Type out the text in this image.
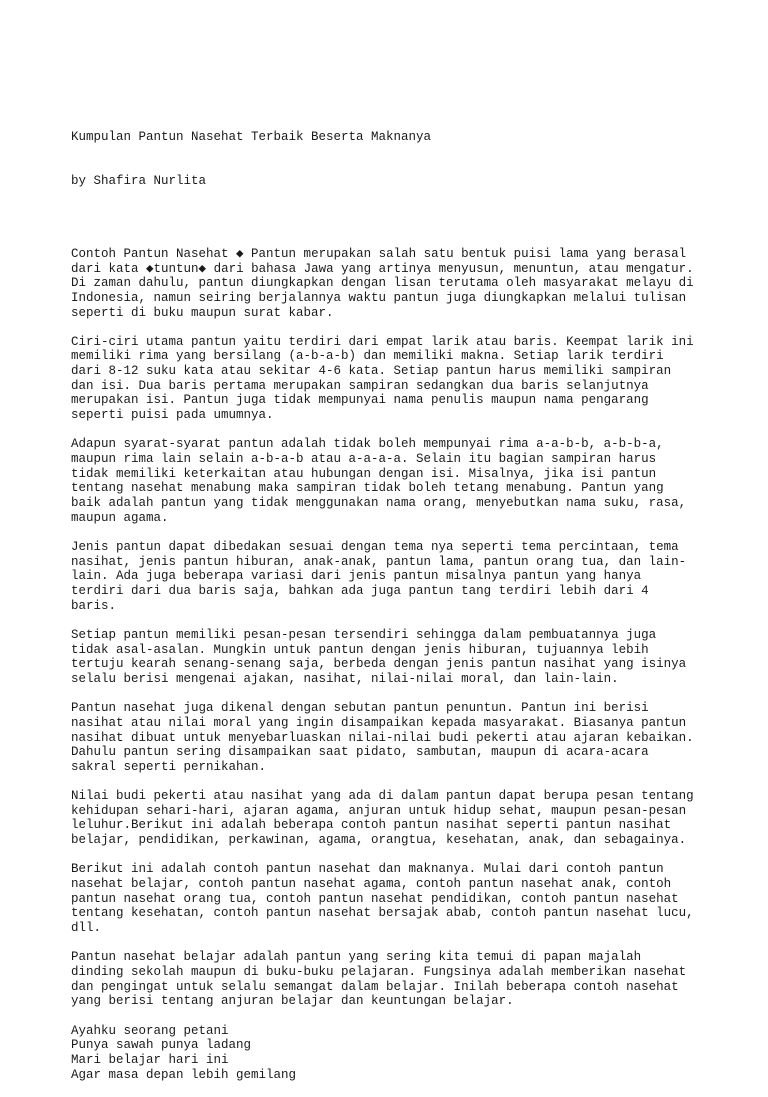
Kumpulan Pantun Nasehat Terbaik Beserta Maknanya

by Shafira Nurlita

Contoh Pantun Nasehat ◆ Pantun merupakan salah satu bentuk puisi lama yang berasal
dari kata ◆tuntun◆ dari bahasa Jawa yang artinya menyusun, menuntun, atau mengatur.
Di zaman dahulu, pantun diungkapkan dengan lisan terutama oleh masyarakat melayu di
Indonesia, namun seiring berjalannya waktu pantun juga diungkapkan melalui tulisan
seperti di buku maupun surat kabar.
Ciri-ciri utama pantun yaitu terdiri dari empat larik atau baris. Keempat larik ini
memiliki rima yang bersilang (a-b-a-b) dan memiliki makna. Setiap larik terdiri
dari 8-12 suku kata atau sekitar 4-6 kata. Setiap pantun harus memiliki sampiran
dan isi. Dua baris pertama merupakan sampiran sedangkan dua baris selanjutnya
merupakan isi. Pantun juga tidak mempunyai nama penulis maupun nama pengarang
seperti puisi pada umumnya.
Adapun syarat-syarat pantun adalah tidak boleh mempunyai rima a-a-b-b, a-b-b-a,
maupun rima lain selain a-b-a-b atau a-a-a-a. Selain itu bagian sampiran harus
tidak memiliki keterkaitan atau hubungan dengan isi. Misalnya, jika isi pantun
tentang nasehat menabung maka sampiran tidak boleh tetang menabung. Pantun yang
baik adalah pantun yang tidak menggunakan nama orang, menyebutkan nama suku, rasa,
maupun agama.
Jenis pantun dapat dibedakan sesuai dengan tema nya seperti tema percintaan, tema
nasihat, jenis pantun hiburan, anak-anak, pantun lama, pantun orang tua, dan lain-
lain. Ada juga beberapa variasi dari jenis pantun misalnya pantun yang hanya
terdiri dari dua baris saja, bahkan ada juga pantun tang terdiri lebih dari 4
baris.
Setiap pantun memiliki pesan-pesan tersendiri sehingga dalam pembuatannya juga
tidak asal-asalan. Mungkin untuk pantun dengan jenis hiburan, tujuannya lebih
tertuju kearah senang-senang saja, berbeda dengan jenis pantun nasihat yang isinya
selalu berisi mengenai ajakan, nasihat, nilai-nilai moral, dan lain-lain.
Pantun nasehat juga dikenal dengan sebutan pantun penuntun. Pantun ini berisi
nasihat atau nilai moral yang ingin disampaikan kepada masyarakat. Biasanya pantun
nasihat dibuat untuk menyebarluaskan nilai-nilai budi pekerti atau ajaran kebaikan.
Dahulu pantun sering disampaikan saat pidato, sambutan, maupun di acara-acara
sakral seperti pernikahan.
Nilai budi pekerti atau nasihat yang ada di dalam pantun dapat berupa pesan tentang
kehidupan sehari-hari, ajaran agama, anjuran untuk hidup sehat, maupun pesan-pesan
leluhur.Berikut ini adalah beberapa contoh pantun nasihat seperti pantun nasihat
belajar, pendidikan, perkawinan, agama, orangtua, kesehatan, anak, dan sebagainya.
Berikut ini adalah contoh pantun nasehat dan maknanya. Mulai dari contoh pantun
nasehat belajar, contoh pantun nasehat agama, contoh pantun nasehat anak, contoh
pantun nasehat orang tua, contoh pantun nasehat pendidikan, contoh pantun nasehat
tentang kesehatan, contoh pantun nasehat bersajak abab, contoh pantun nasehat lucu,
dll.
Pantun nasehat belajar adalah pantun yang sering kita temui di papan majalah
dinding sekolah maupun di buku-buku pelajaran. Fungsinya adalah memberikan nasehat
dan pengingat untuk selalu semangat dalam belajar. Inilah beberapa contoh nasehat
yang berisi tentang anjuran belajar dan keuntungan belajar.
Ayahku seorang petani
Punya sawah punya ladang
Mari belajar hari ini
Agar masa depan lebih gemilang
